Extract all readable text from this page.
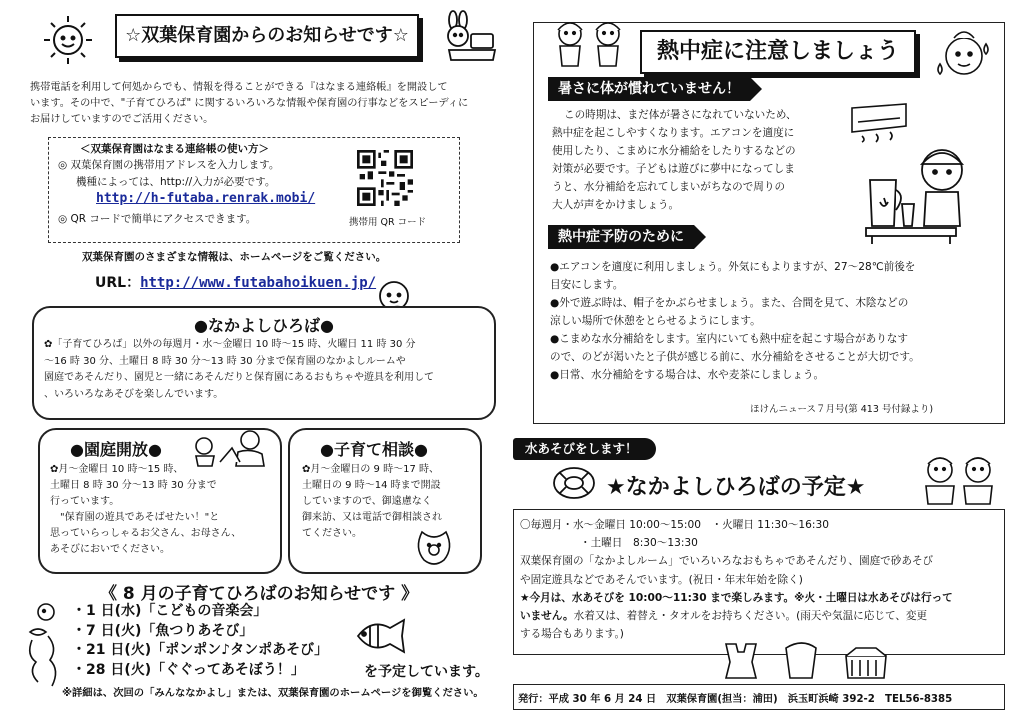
☆双葉保育園からのお知らせです☆
携帯電話を利用して何処からでも、情報を得ることができる『はなまる連絡帳』を開設して
います。その中で、"子育てひろば" に関するいろいろな情報や保育園の行事などをスピーディに
お届けしていますのでご活用ください。
＜双葉保育園はなまる連絡帳の使い方＞
◎ 双葉保育園の携帯用アドレスを入力します。
機種によっては、http://入力が必要です。
http://h-futaba.renrak.mobi/
◎ QR コードで簡単にアクセスできます。	携帯用 QR コード
双葉保育園のさまざまな情報は、ホームページをご覧ください。
URL：http://www.futabahoikuen.jp/
●なかよしひろば●
✿「子育てひろば」以外の毎週月・水～金曜日 10 時～15 時、火曜日 11 時 30 分
～16 時 30 分、土曜日 8 時 30 分～13 時 30 分まで保育園のなかよしルームや
園庭であそんだり、園児と一緒にあそんだりと保育園にあるおもちゃや遊具を利用して
、いろいろなあそびを楽しんでいます。
●園庭開放●
✿月～金曜日 10 時～15 時、
土曜日 8 時 30 分～13 時 30 分まで
行っています。
"保育園の遊具であそばせたい！"と
思っていらっしゃるお父さん、お母さん、
あそびにおいでください。
●子育て相談●
✿月～金曜日の 9 時～17 時、
土曜日の 9 時～14 時まで開設
していますので、御遠慮なく
御来訪、又は電話で御相談され
てください。
《 8 月の子育てひろばのお知らせです 》
・1 日(水)「こどもの音楽会」
・7 日(火)「魚つりあそび」
・21 日(火)「ポンポン♪タンポあそび」
・28 日(火)「ぐぐってあそぼう！」	を予定しています。
※詳細は、次回の「みんななかよし」または、双葉保育園のホームページを御覧ください。
熱中症に注意しましょう
暑さに体が慣れていません！
この時期は、まだ体が暑さになれていないため、
熱中症を起こしやすくなります。エアコンを適度に
使用したり、こまめに水分補給をしたりするなどの
対策が必要です。子どもは遊びに夢中になってしま
うと、水分補給を忘れてしまいがちなので周りの
大人が声をかけましょう。
熱中症予防のために
●エアコンを適度に利用しましょう。外気にもよりますが、27～28℃前後を
目安にします。
●外で遊ぶ時は、帽子をかぶらせましょう。また、合間を見て、木陰などの
涼しい場所で休憩をとらせるようにします。
●こまめな水分補給をします。室内にいても熱中症を起こす場合がありなす
ので、のどが渇いたと子供が感じる前に、水分補給をさせることが大切です。
●日常、水分補給をする場合は、水や麦茶にしましょう。
ほけんニュース７月号(第 413 号付録より)
水あそびをします！
★なかよしひろばの予定★
〇毎週月・水～金曜日 10:00～15:00　・火曜日 11:30～16:30
・土曜日　8:30～13:30
双葉保育園の「なかよしルーム」でいろいろなおもちゃであそんだり、園庭で砂あそび
や固定遊具などであそんでいます。(祝日・年末年始を除く)
★今月は、水あそびを 10:00～11:30 まで楽しみます。※火・土曜日は水あそびは行って
いません。水着又は、着替え・タオルをお持ちください。(雨天や気温に応じて、変更
する場合もあります。)
発行：平成 30 年 6 月 24 日　双葉保育園(担当：浦田)　浜玉町浜崎 392-2　TEL56-8385
